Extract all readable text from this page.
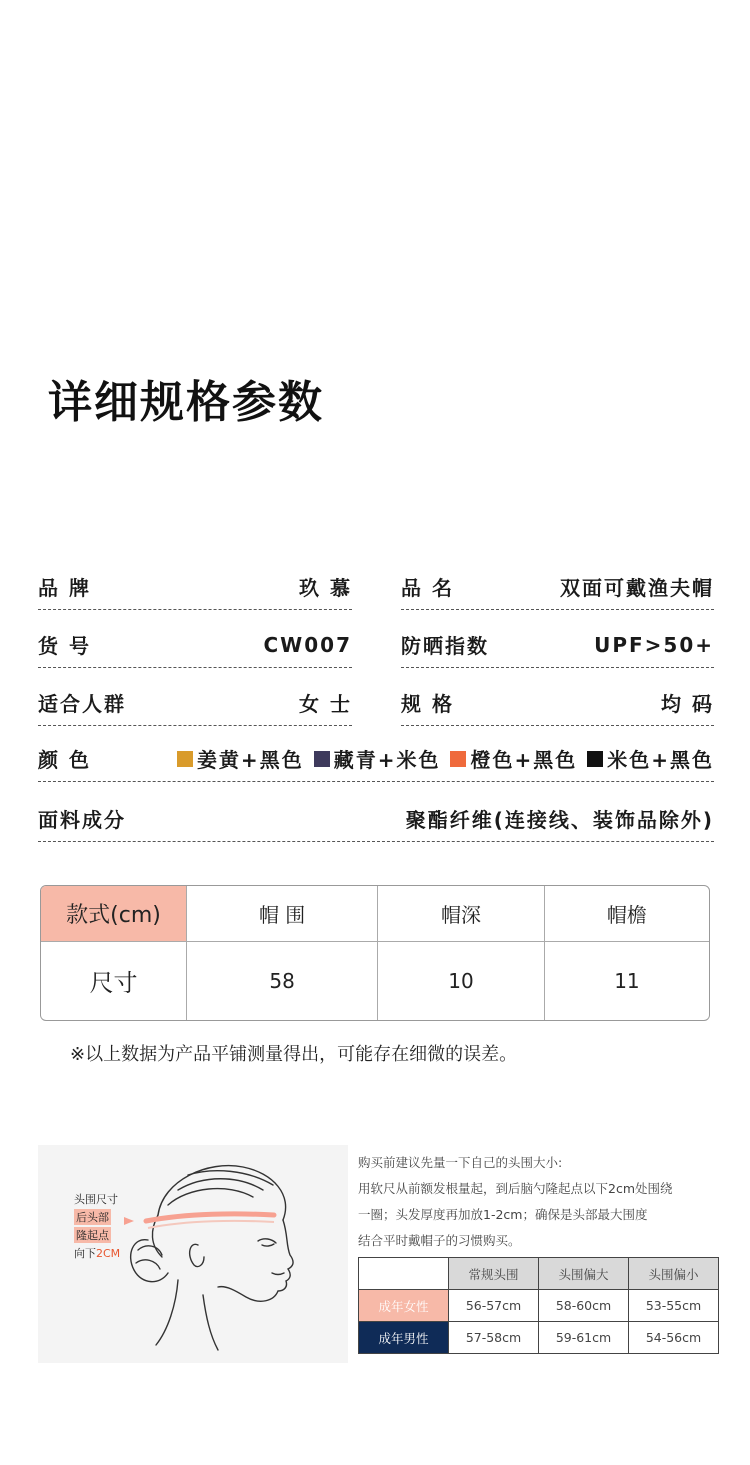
详细规格参数
品 牌	玖 慕 品 名	双面可戴渔夫帽
货 号	CW007 防晒指数	UPF>50+
适合人群	女 士 规 格	均 码
颜 色	姜黄+黑色 藏青+米色 橙色+黑色 米色+黑色
面料成分	聚酯纤维(连接线、装饰品除外)
款式(cm)	帽 围	帽深	帽檐
尺寸	58	10	11
※以上数据为产品平铺测量得出，可能存在细微的误差。
头围尺寸
后头部
隆起点
向下2CM
购买前建议先量一下自己的头围大小:
用软尺从前额发根量起，到后脑勺隆起点以下2cm处围绕
一圈；头发厚度再加放1-2cm；确保是头部最大围度
结合平时戴帽子的习惯购买。
	常规头围	头围偏大	头围偏小
成年女性	56-57cm	58-60cm	53-55cm
成年男性	57-58cm	59-61cm	54-56cm
